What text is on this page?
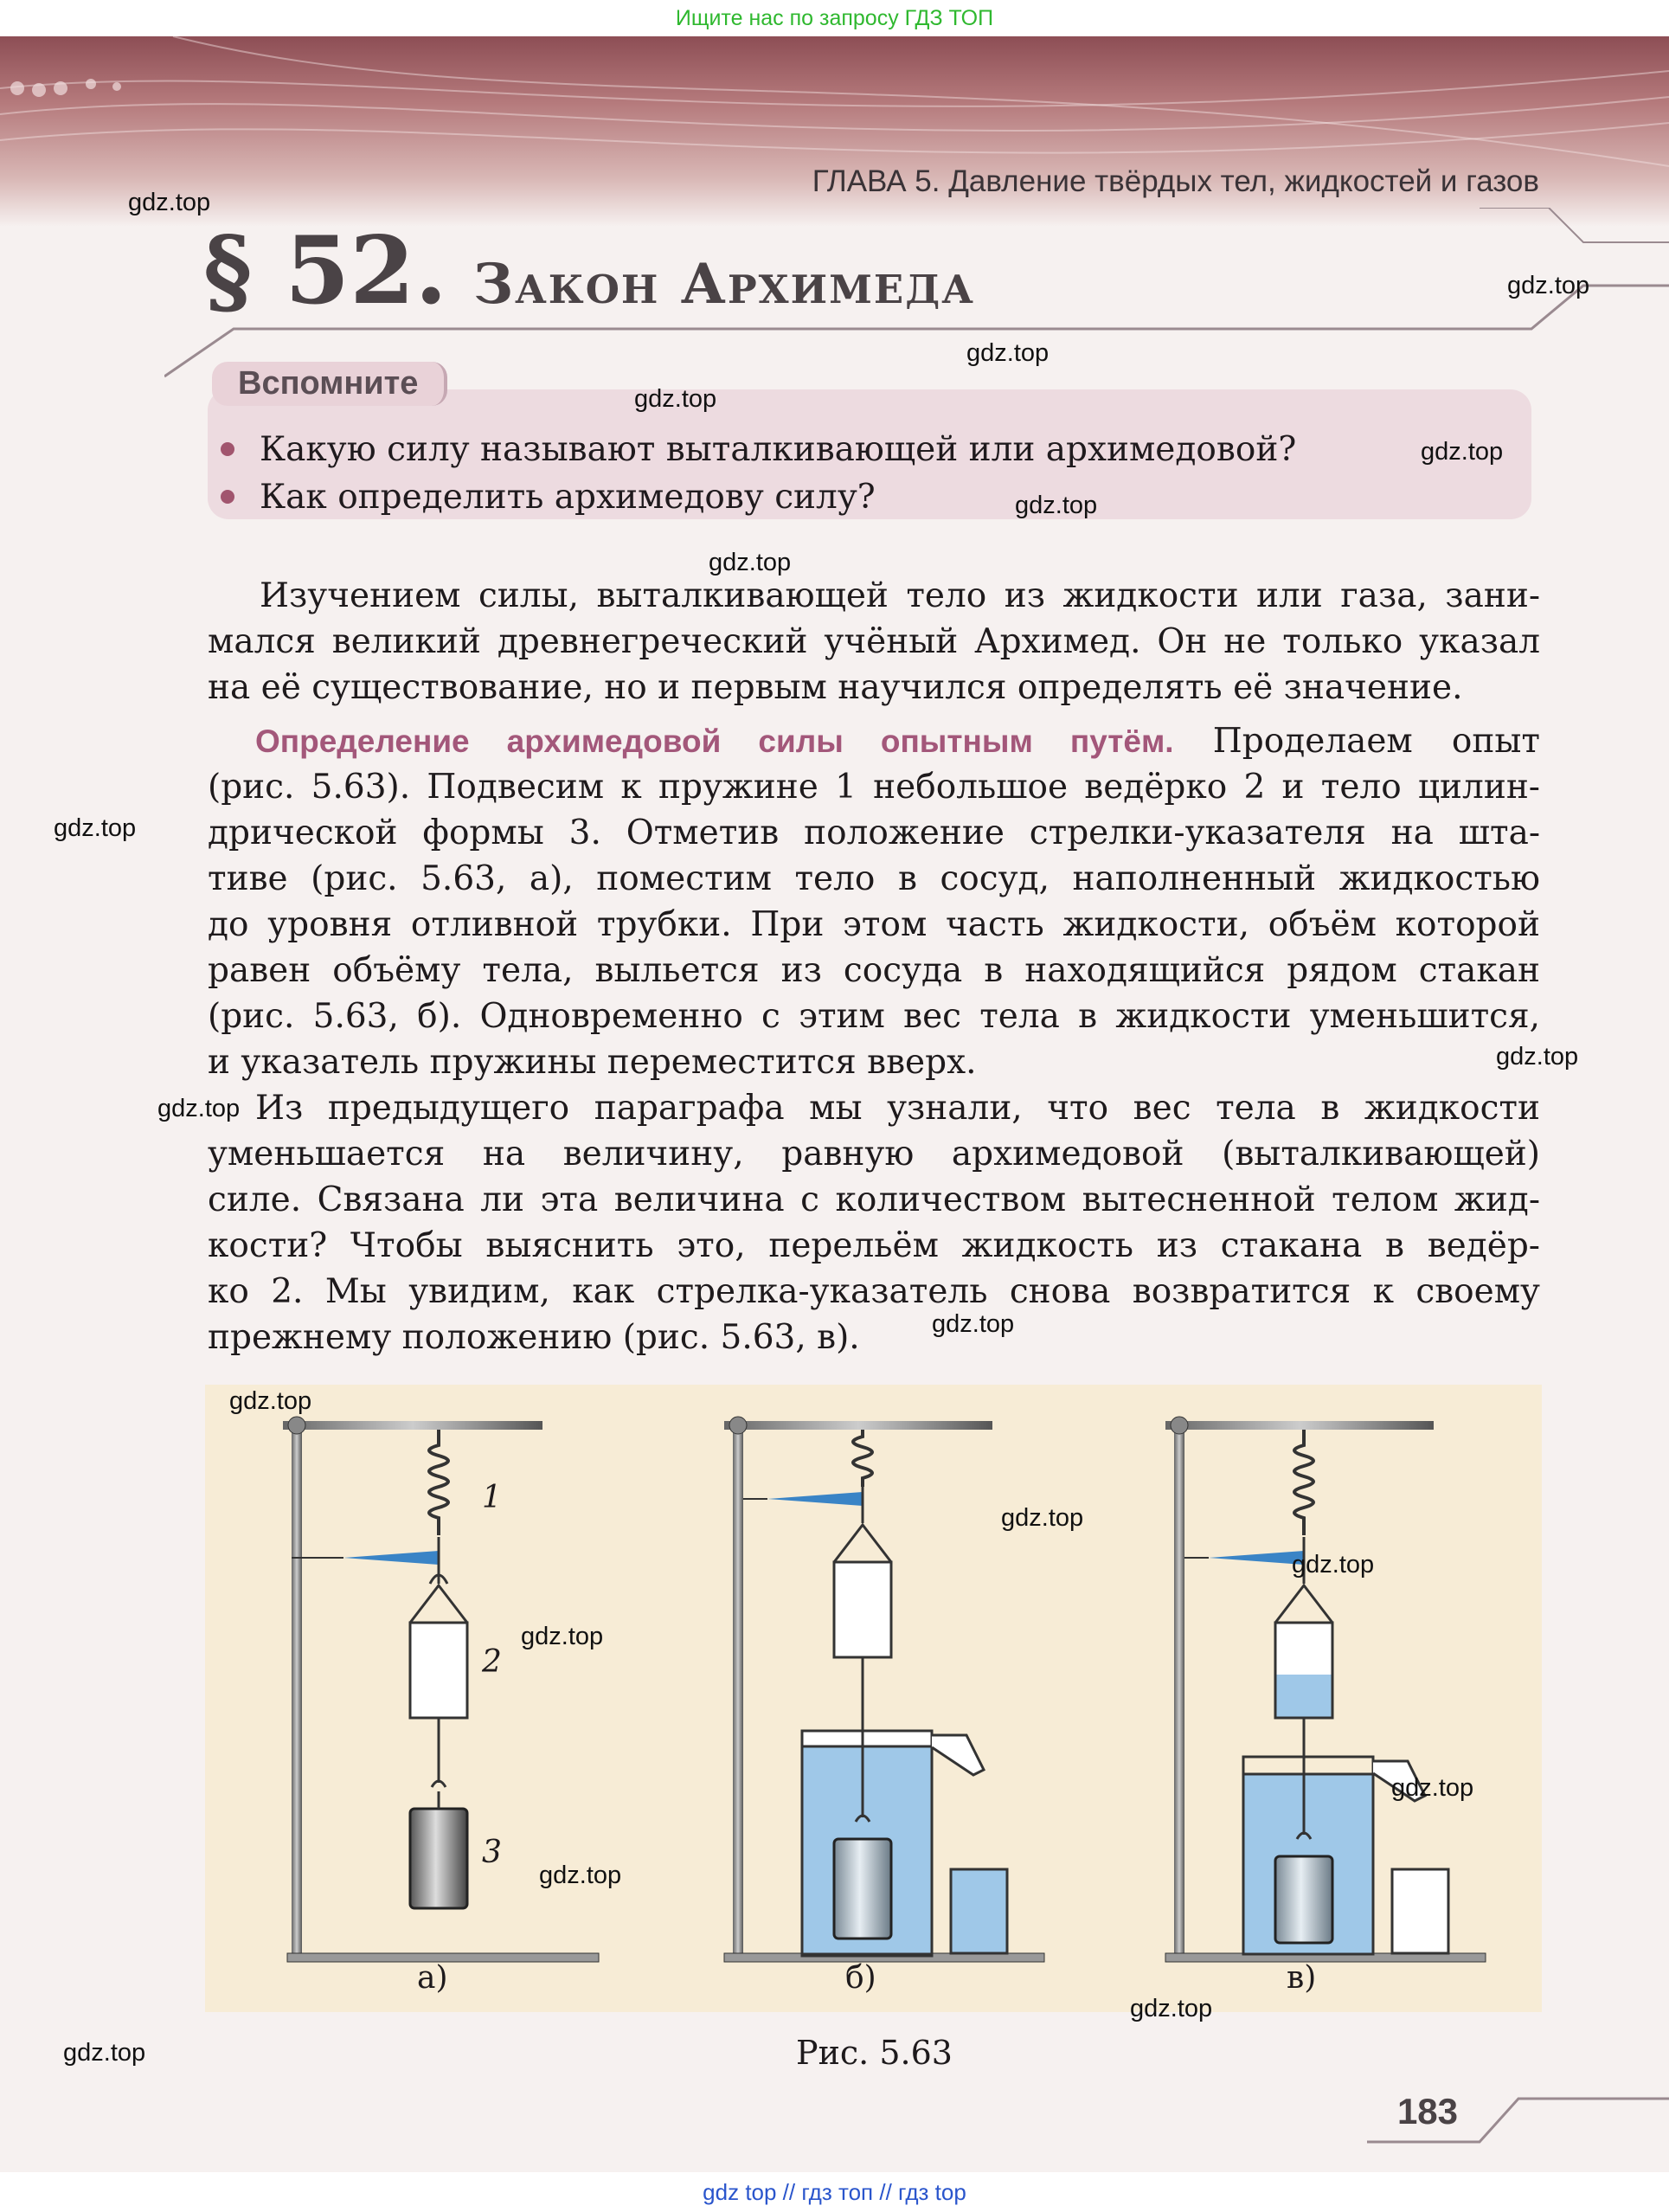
Ищите нас по запросу ГДЗ ТОП
ГЛАВА 5. Давление твёрдых тел, жидкостей и газов
§ 52. Закон Архимеда
Вспомните
Какую силу называют выталкивающей или архимедовой?
Как определить архимедову силу?
Изучением силы, выталкивающей тело из жидкости или газа, зани-
мался великий древнегреческий учёный Архимед. Он не только указал
на её существование, но и первым научился определять её значение.
Определение архимедовой силы опытным путём. Проделаем опыт
(рис. 5.63). Подвесим к пружине 1 небольшое ведёрко 2 и тело цилин-
дрической формы 3. Отметив положение стрелки-указателя на шта-
тиве (рис. 5.63, а), поместим тело в сосуд, наполненный жидкостью
до уровня отливной трубки. При этом часть жидкости, объём которой
равен объёму тела, выльется из сосуда в находящийся рядом стакан
(рис. 5.63, б). Одновременно с этим вес тела в жидкости уменьшится,
и указатель пружины переместится вверх.
Из предыдущего параграфа мы узнали, что вес тела в жидкости
уменьшается на величину, равную архимедовой (выталкивающей)
силе. Связана ли эта величина с количеством вытесненной телом жид-
кости? Чтобы выяснить это, перельём жидкость из стакана в ведёр-
ко 2. Мы увидим, как стрелка-указатель снова возвратится к своему
прежнему положению (рис. 5.63, в).
1
2
3
а)	б)	в)
Рис. 5.63
gdz.top
gdz.top
gdz.top
gdz.top
gdz.top
gdz.top
gdz.top
gdz.top
gdz.top
gdz.top
gdz.top
gdz.top
gdz.top
gdz.top
gdz.top
gdz.top
gdz.top
gdz.top
gdz.top
183
gdz top // гдз топ // гдз top
